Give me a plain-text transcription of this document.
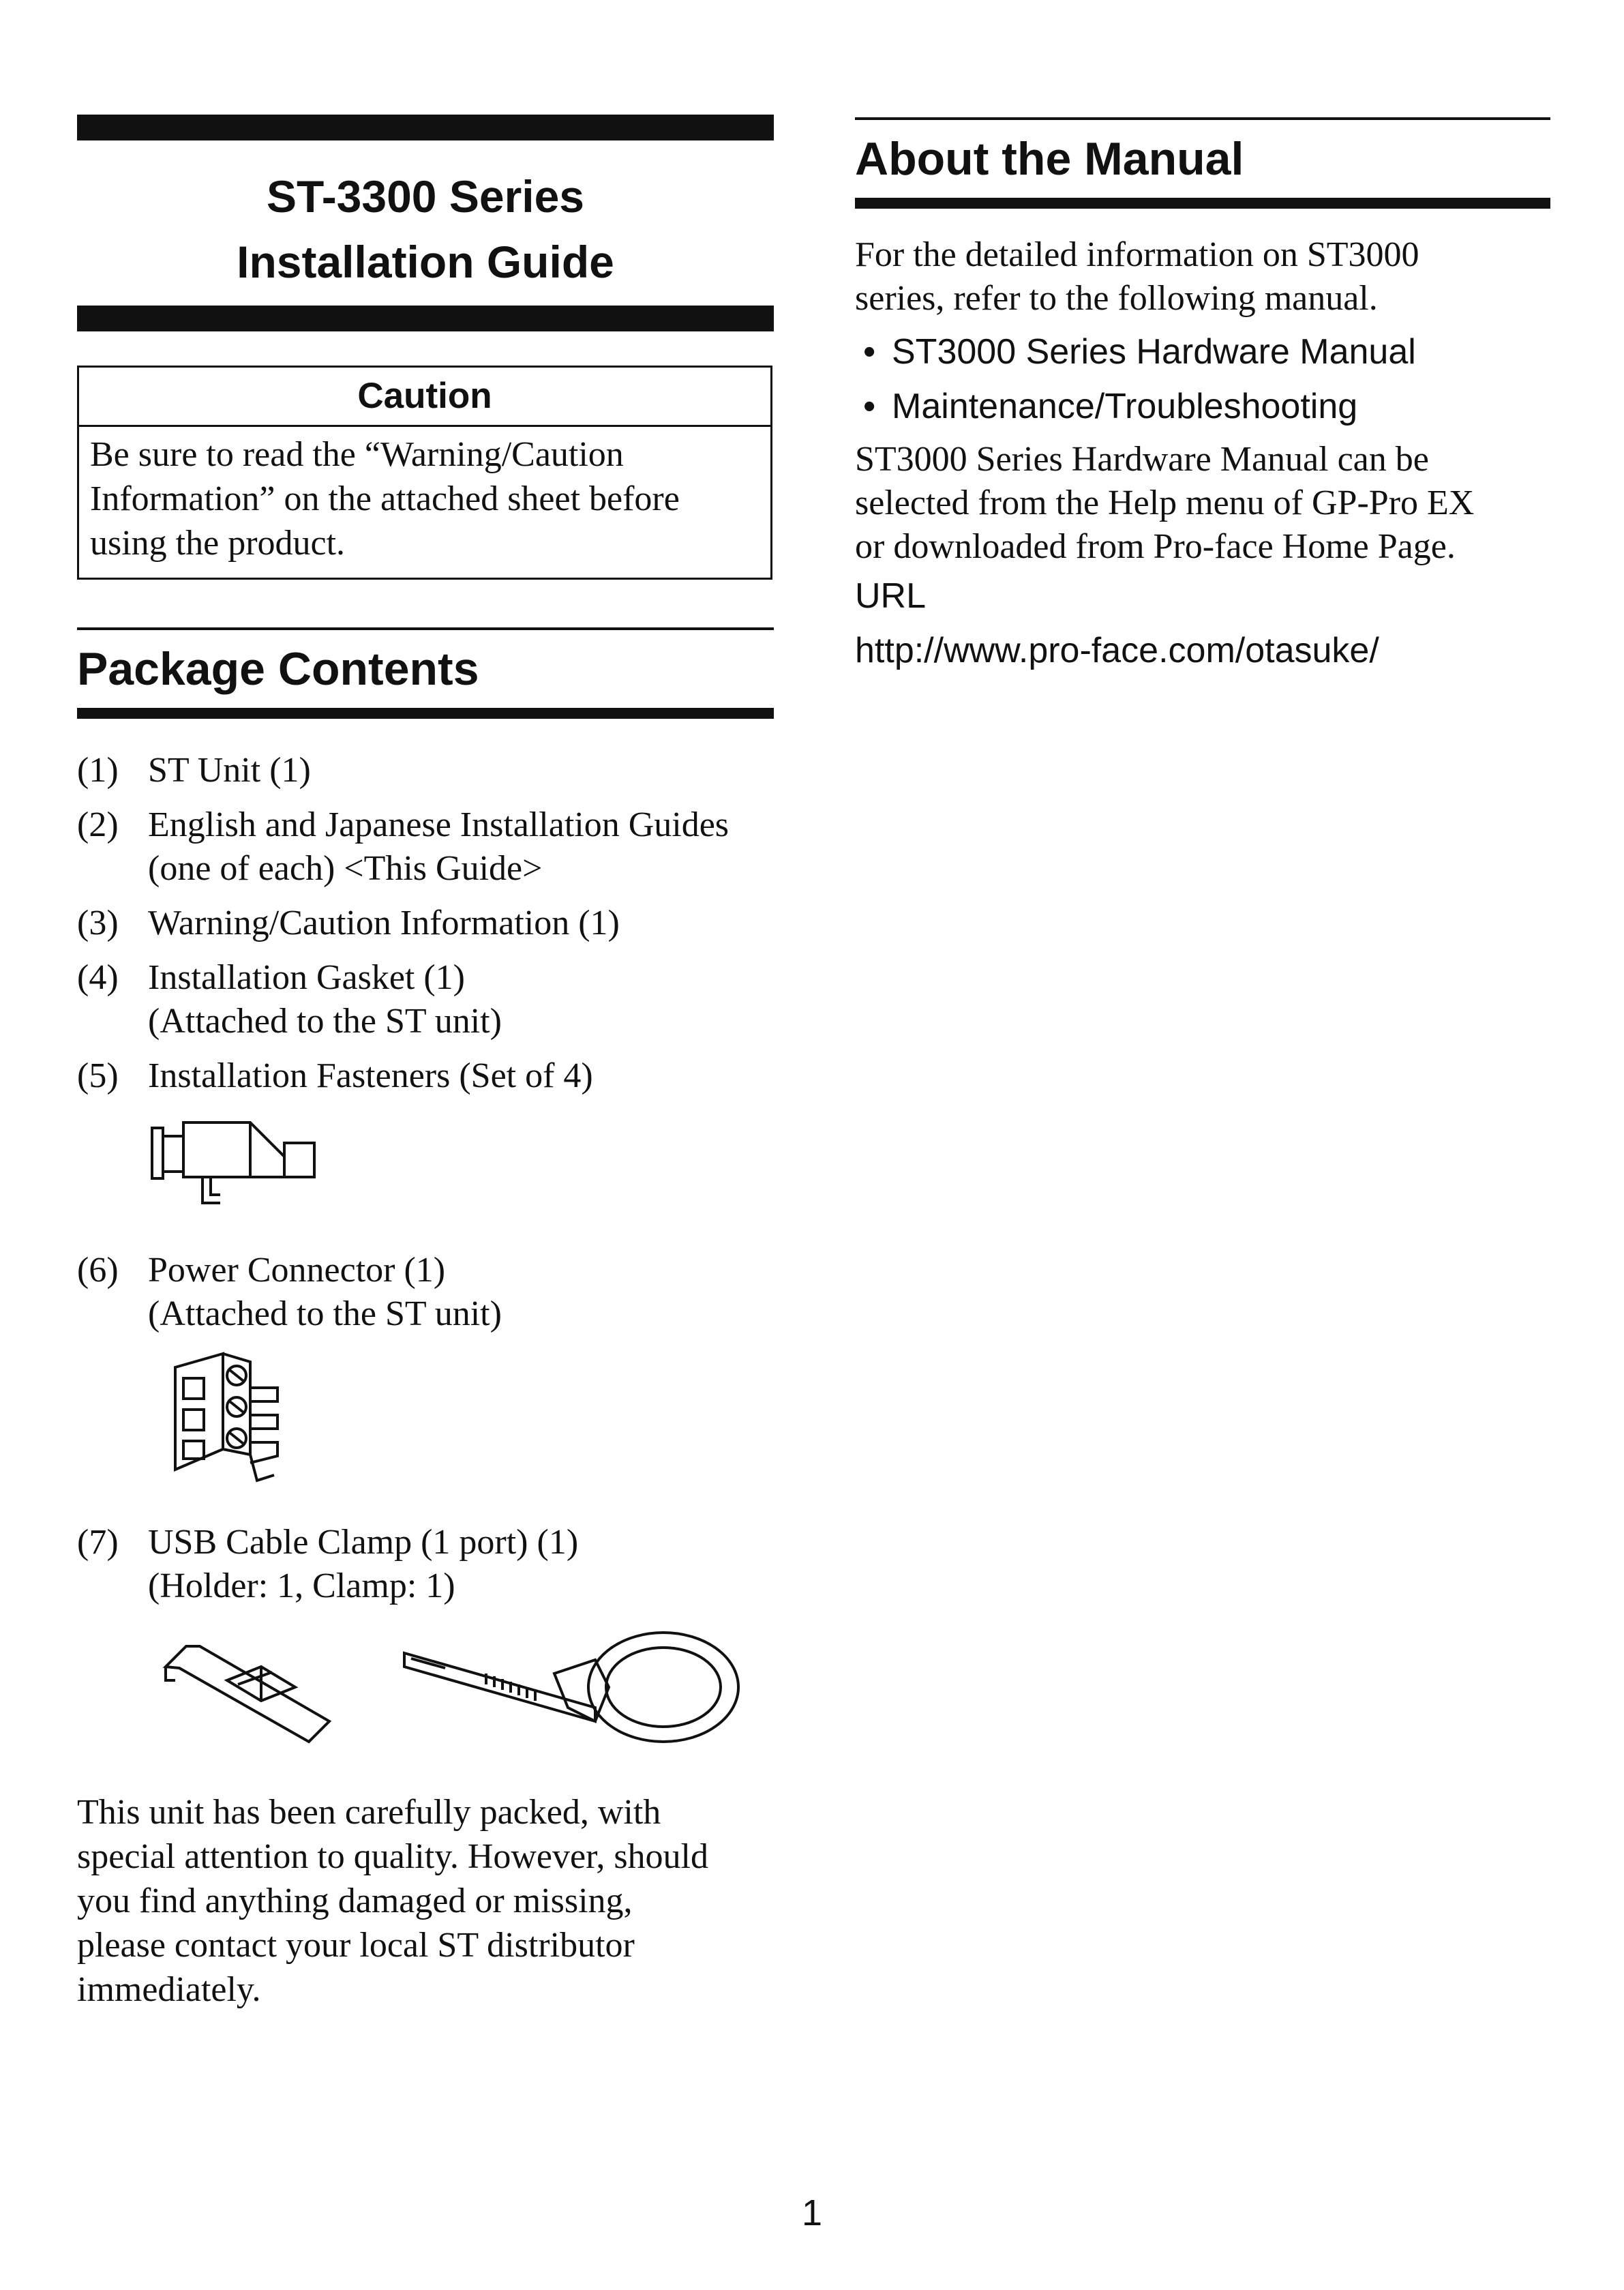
ST-3300 Series
Installation Guide
Caution
Be sure to read the “Warning/Caution
Information” on the attached sheet before
using the product.
Package Contents
(1) ST Unit (1)
(2) English and Japanese Installation Guides
(one of each) <This Guide>
(3) Warning/Caution Information (1)
(4) Installation Gasket (1)
(Attached to the ST unit)
(5) Installation Fasteners (Set of 4)
(6) Power Connector (1)
(Attached to the ST unit)
(7) USB Cable Clamp (1 port) (1)
(Holder: 1, Clamp: 1)
This unit has been carefully packed, with
special attention to quality. However, should
you find anything damaged or missing,
please contact your local ST distributor
immediately.
About the Manual
For the detailed information on ST3000
series, refer to the following manual.
• ST3000 Series Hardware Manual
• Maintenance/Troubleshooting
ST3000 Series Hardware Manual can be
selected from the Help menu of GP-Pro EX
or downloaded from Pro-face Home Page.
URL
http://www.pro-face.com/otasuke/
1
